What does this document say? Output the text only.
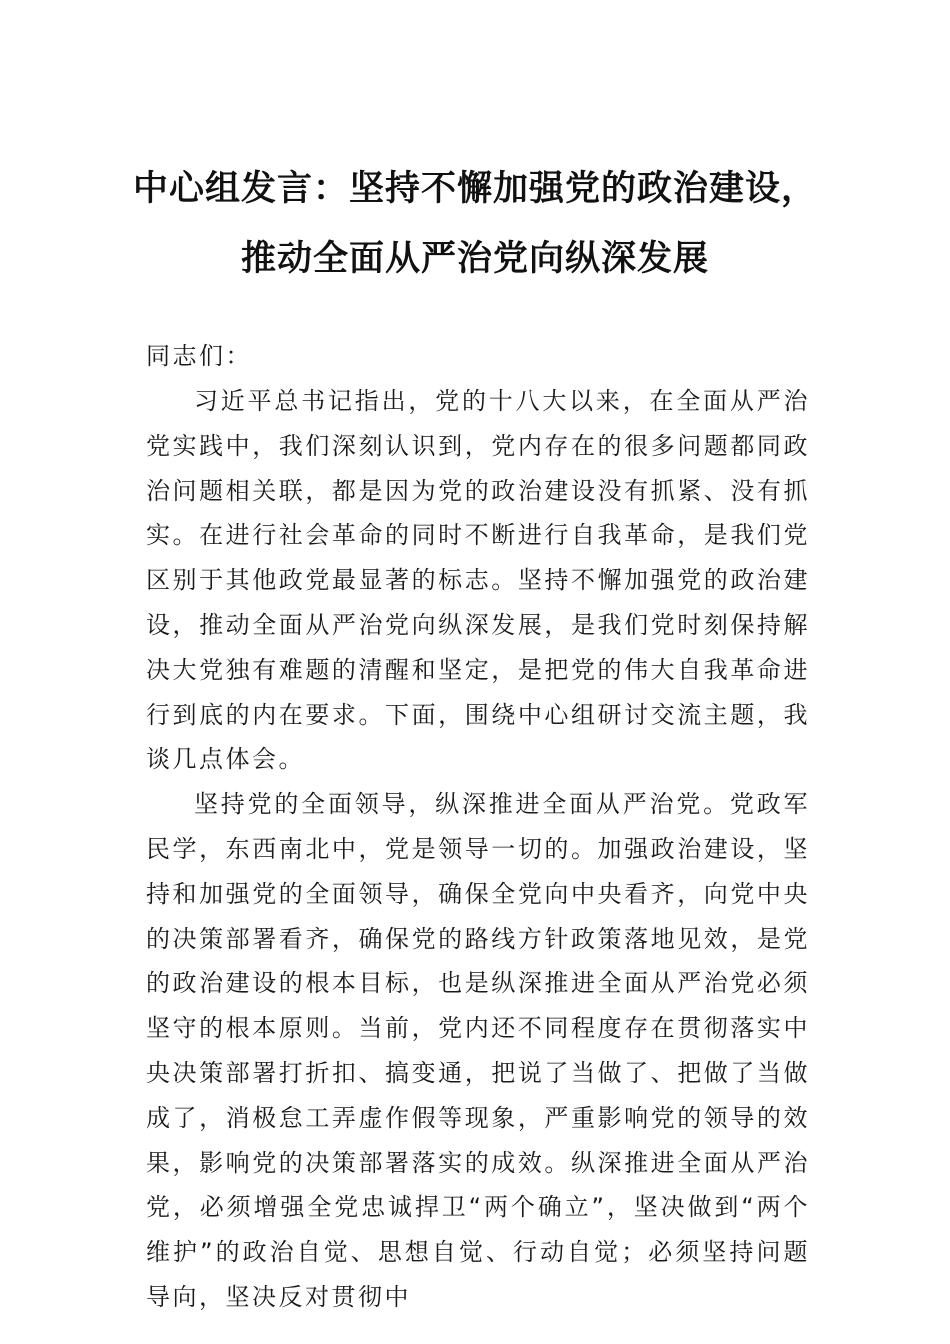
中心组发言：坚持不懈加强党的政治建设，
推动全面从严治党向纵深发展
同志们：

习近平总书记指出，党的十八大以来，在全面从严治党实践中，我们深刻认识到，党内存在的很多问题都同政治问题相关联，都是因为党的政治建设没有抓紧、没有抓实。在进行社会革命的同时不断进行自我革命，是我们党区别于其他政党最显著的标志。坚持不懈加强党的政治建设，推动全面从严治党向纵深发展，是我们党时刻保持解决大党独有难题的清醒和坚定，是把党的伟大自我革命进行到底的内在要求。下面，围绕中心组研讨交流主题，我谈几点体会。

坚持党的全面领导，纵深推进全面从严治党。党政军民学，东西南北中，党是领导一切的。加强政治建设，坚持和加强党的全面领导，确保全党向中央看齐，向党中央的决策部署看齐，确保党的路线方针政策落地见效，是党的政治建设的根本目标，也是纵深推进全面从严治党必须坚守的根本原则。当前，党内还不同程度存在贯彻落实中央决策部署打折扣、搞变通，把说了当做了、把做了当做成了，消极怠工弄虚作假等现象，严重影响党的领导的效果，影响党的决策部署落实的成效。纵深推进全面从严治党，必须增强全党忠诚捍卫“两个确立”，坚决做到“两个维护”的政治自觉、思想自觉、行动自觉；必须坚持问题导向，坚决反对贯彻中
